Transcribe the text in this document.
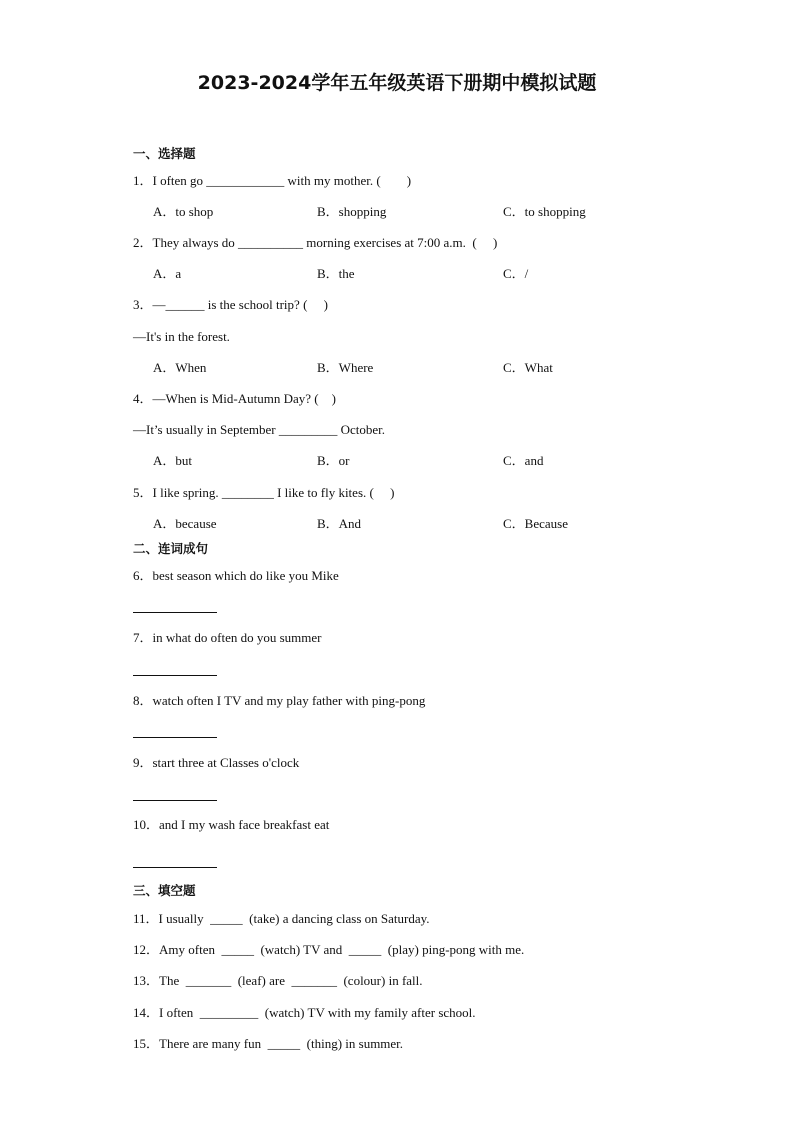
2023-2024学年五年级英语下册期中模拟试题
一、选择题
1．I often go ____________ with my mother. (        )
A．to shop	B．shopping	C．to shopping
2．They always do __________ morning exercises at 7:00 a.m.  (     )
A．a	B．the	C．/
3．—______ is the school trip? (     )
—It's in the forest.
A．When	B．Where	C．What
4．—When is Mid-Autumn Day? (    )
—It’s usually in September _________ October.
A．but	B．or	C．and
5．I like spring. ________ I like to fly kites. (     )
A．because	B．And	C．Because
二、连词成句
6．best season which do like you Mike
7．in what do often do you summer
8．watch often I TV and my play father with ping-pong
9．start three at Classes o'clock
10．and I my wash face breakfast eat
三、填空题
11．I usually  _____  (take) a dancing class on Saturday.
12．Amy often  _____  (watch) TV and  _____  (play) ping-pong with me.
13．The  _______  (leaf) are  _______  (colour) in fall.
14．I often  _________  (watch) TV with my family after school.
15．There are many fun  _____  (thing) in summer.
